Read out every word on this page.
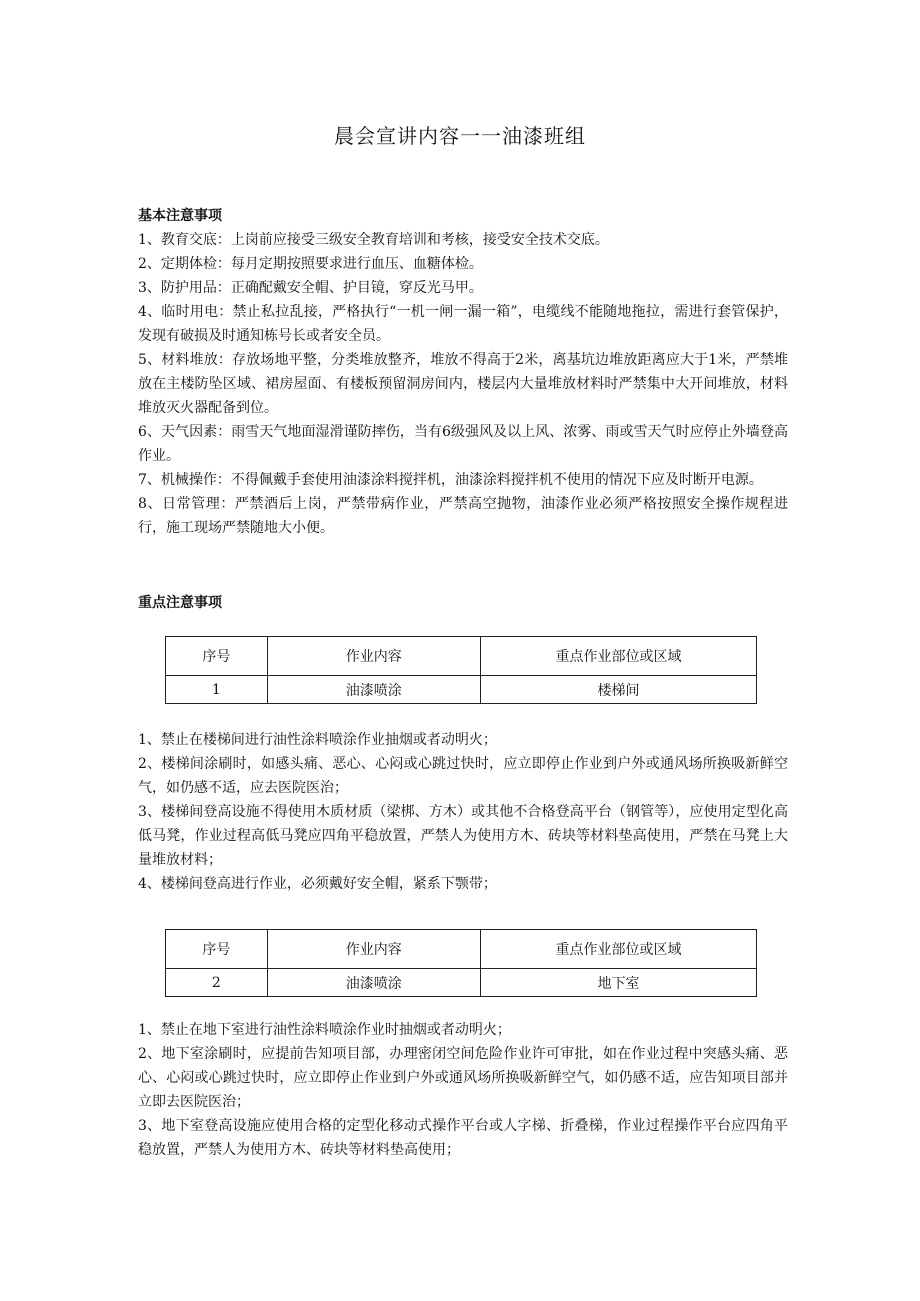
晨会宣讲内容一一油漆班组
基本注意事项

1、教育交底：上岗前应接受三级安全教育培训和考核，接受安全技术交底。

2、定期体检：每月定期按照要求进行血压、血糖体检。

3、防护用品：正确配戴安全帽、护目镜，穿反光马甲。

4、临时用电：禁止私拉乱接，严格执行“一机一闸一漏一箱”，电缆线不能随地拖拉，需进行套管保护，发现有破损及时通知栋号长或者安全员。

5、材料堆放：存放场地平整，分类堆放整齐，堆放不得高于2米，离基坑边堆放距离应大于1米，严禁堆放在主楼防坠区域、裙房屋面、有楼板预留洞房间内，楼层内大量堆放材料时严禁集中大开间堆放，材料堆放灭火器配备到位。

6、天气因素：雨雪天气地面湿滑谨防摔伤，当有6级强风及以上风、浓雾、雨或雪天气时应停止外墙登高作业。

7、机械操作：不得佩戴手套使用油漆涂料搅拌机，油漆涂料搅拌机不使用的情况下应及时断开电源。

8、日常管理：严禁酒后上岗，严禁带病作业，严禁高空抛物，油漆作业必须严格按照安全操作规程进行，施工现场严禁随地大小便。

重点注意事项
序号	作业内容	重点作业部位或区域
1	油漆喷涂	楼梯间

1、禁止在楼梯间进行油性涂料喷涂作业抽烟或者动明火；

2、楼梯间涂刷时，如感头痛、恶心、心闷或心跳过快时，应立即停止作业到户外或通风场所换吸新鲜空气，如仍感不适，应去医院医治；

3、楼梯间登高设施不得使用木质材质（梁梆、方木）或其他不合格登高平台（钢管等），应使用定型化高低马凳，作业过程高低马凳应四角平稳放置，严禁人为使用方木、砖块等材料垫高使用，严禁在马凳上大量堆放材料；

4、楼梯间登高进行作业，必须戴好安全帽，紧系下颚带；

序号	作业内容	重点作业部位或区域
2	油漆喷涂	地下室

1、禁止在地下室进行油性涂料喷涂作业时抽烟或者动明火；

2、地下室涂刷时，应提前告知项目部，办理密闭空间危险作业许可审批，如在作业过程中突感头痛、恶心、心闷或心跳过快时，应立即停止作业到户外或通风场所换吸新鲜空气，如仍感不适，应告知项目部并立即去医院医治；

3、地下室登高设施应使用合格的定型化移动式操作平台或人字梯、折叠梯，作业过程操作平台应四角平稳放置，严禁人为使用方木、砖块等材料垫高使用；
